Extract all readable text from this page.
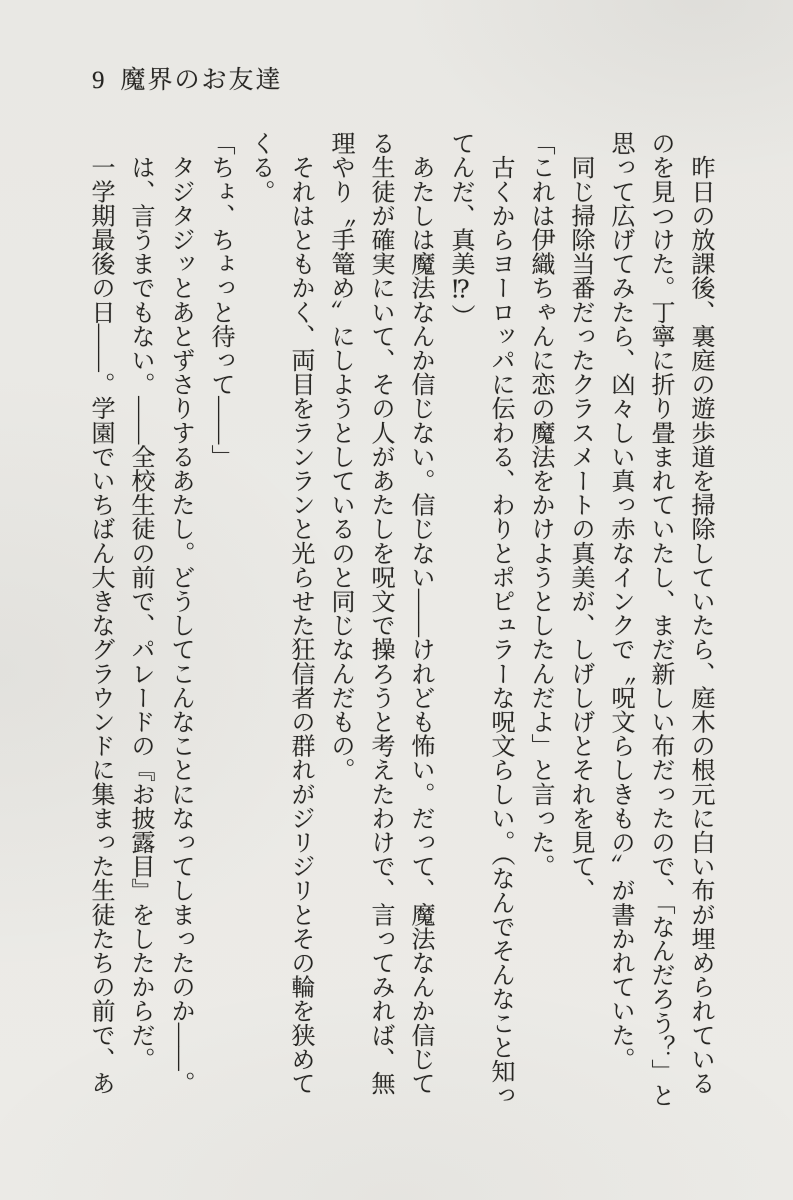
9 魔界のお友達

　昨日の放課後、裏庭の遊歩道を掃除していたら、庭木の根元に白い布が埋められている

のを見つけた。丁寧に折り畳まれていたし、まだ新しい布だったので、「なんだろう？」と

思って広げてみたら、凶々しい真っ赤なインクで〝呪文らしきもの〞が書かれていた。

　同じ掃除当番だったクラスメートの真美が、しげしげとそれを見て、

「これは伊織ちゃんに恋の魔法をかけようとしたんだよ」と言った。

　古くからヨーロッパに伝わる、わりとポピュラーな呪文らしい。（なんでそんなこと知っ

てんだ、真美⁉）

　あたしは魔法なんか信じない。信じない――けれども怖い。だって、魔法なんか信じて

る生徒が確実にいて、その人があたしを呪文で操ろうと考えたわけで、言ってみれば、無

理やり〝手篭め〞にしようとしているのと同じなんだもの。

　それはともかく、両目をランランと光らせた狂信者の群れがジリジリとその輪を狭めて

くる。

「ちょ、ちょっと待って――」

　タジタジッとあとずさりするあたし。どうしてこんなことになってしまったのか――。

　は、言うまでもない。――全校生徒の前で、パレードの『お披露目』をしたからだ。

　一学期最後の日――。学園でいちばん大きなグラウンドに集まった生徒たちの前で、あ
